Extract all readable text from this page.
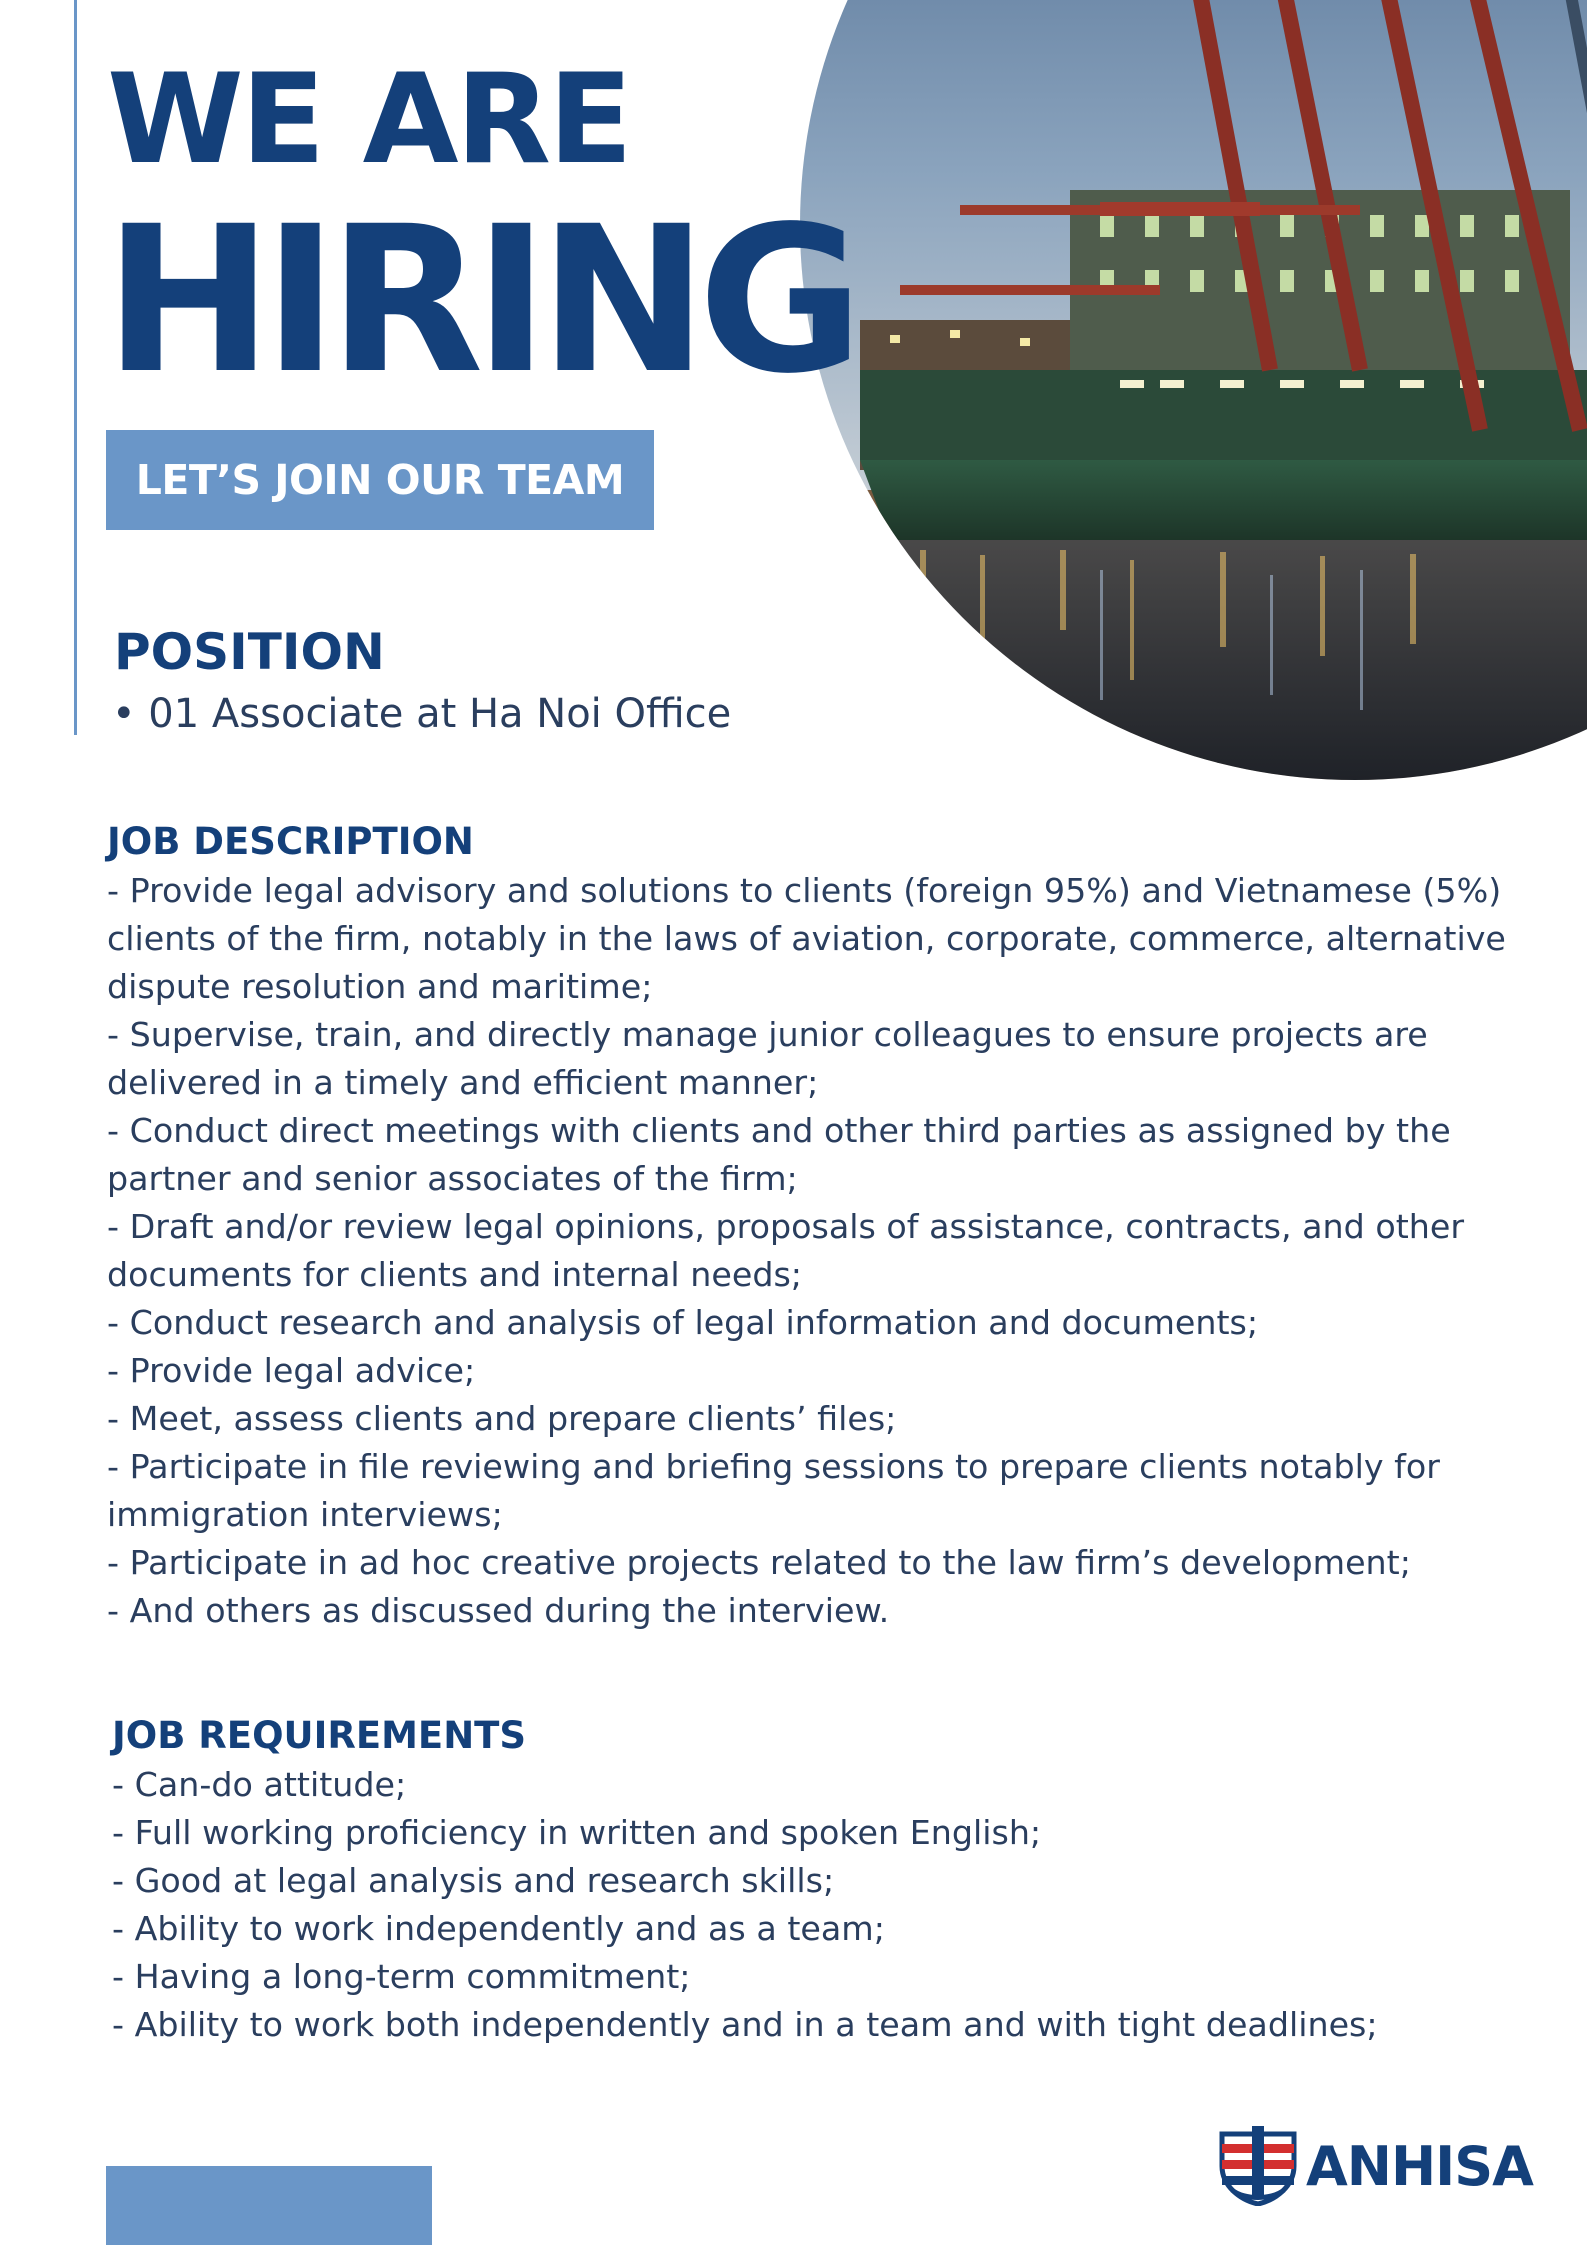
WE ARE
HIRING
LET’S JOIN OUR TEAM
POSITION
• 01 Associate at Ha Noi Office
JOB DESCRIPTION
- Provide legal advisory and solutions to clients (foreign 95%) and Vietnamese (5%) clients of the firm, notably in the laws of aviation, corporate, commerce, alternative dispute resolution and maritime;
- Supervise, train, and directly manage junior colleagues to ensure projects are delivered in a timely and efficient manner;
- Conduct direct meetings with clients and other third parties as assigned by the partner and senior associates of the firm;
- Draft and/or review legal opinions, proposals of assistance, contracts, and other documents for clients and internal needs;
- Conduct research and analysis of legal information and documents;
- Provide legal advice;
- Meet, assess clients and prepare clients’ files;
- Participate in file reviewing and briefing sessions to prepare clients notably for immigration interviews;
- Participate in ad hoc creative projects related to the law firm’s development;
- And others as discussed during the interview.
JOB REQUIREMENTS
- Can-do attitude;
- Full working proficiency in written and spoken English;
- Good at legal analysis and research skills;
- Ability to work independently and as a team;
- Having a long-term commitment;
- Ability to work both independently and in a team and with tight deadlines;
ANHISA
